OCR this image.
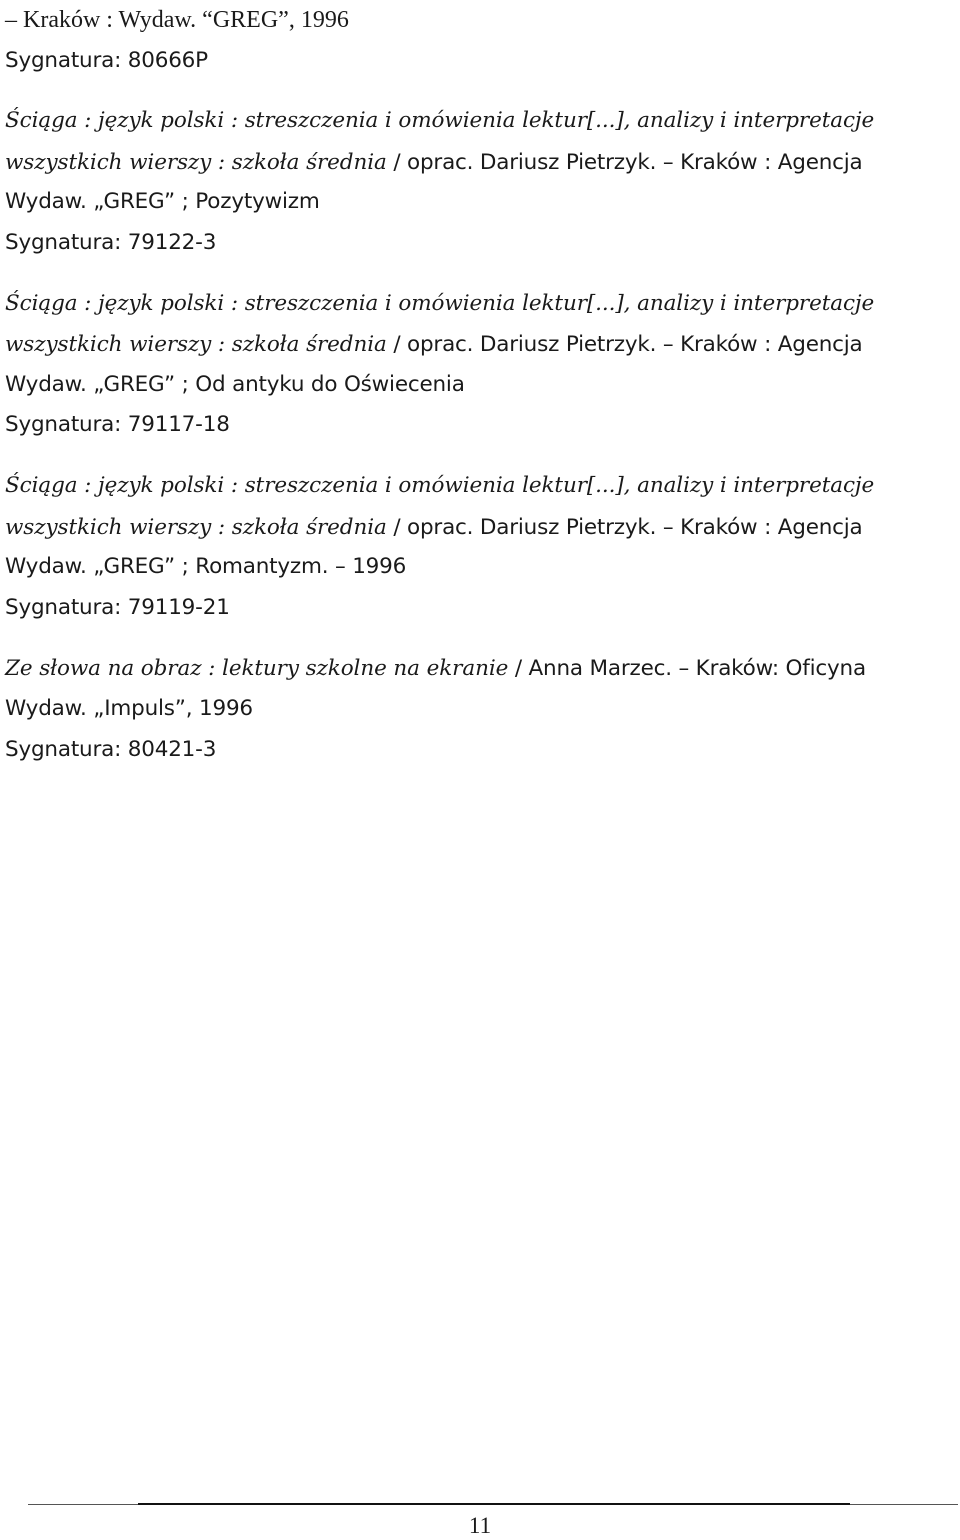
– Kraków : Wydaw. “GREG”, 1996
Sygnatura: 80666P
Ściąga : język polski : streszczenia i omówienia lektur[...], analizy i interpretacje
wszystkich wierszy : szkoła średnia / oprac. Dariusz Pietrzyk. – Kraków : Agencja
Wydaw. „GREG” ; Pozytywizm
Sygnatura: 79122-3
Ściąga : język polski : streszczenia i omówienia lektur[...], analizy i interpretacje
wszystkich wierszy : szkoła średnia / oprac. Dariusz Pietrzyk. – Kraków : Agencja
Wydaw. „GREG” ; Od antyku do Oświecenia
Sygnatura: 79117-18
Ściąga : język polski : streszczenia i omówienia lektur[...], analizy i interpretacje
wszystkich wierszy : szkoła średnia / oprac. Dariusz Pietrzyk. – Kraków : Agencja
Wydaw. „GREG” ; Romantyzm. – 1996
Sygnatura: 79119-21
Ze słowa na obraz : lektury szkolne na ekranie / Anna Marzec. – Kraków: Oficyna
Wydaw. „Impuls”, 1996
Sygnatura: 80421-3
11
